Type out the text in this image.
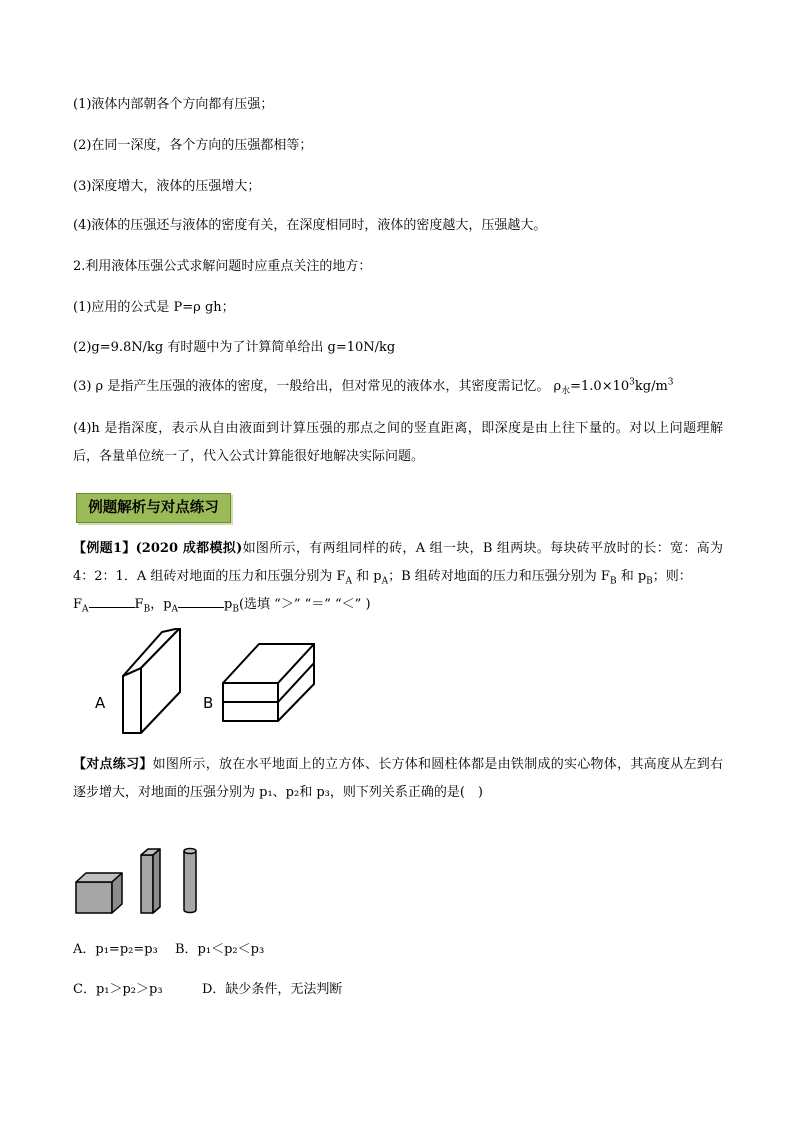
(1)液体内部朝各个方向都有压强；
(2)在同一深度，各个方向的压强都相等；
(3)深度增大，液体的压强增大；
(4)液体的压强还与液体的密度有关，在深度相同时，液体的密度越大，压强越大。
2.利用液体压强公式求解问题时应重点关注的地方：
(1)应用的公式是 P=ρ gh；
(2)g=9.8N/kg 有时题中为了计算简单给出 g=10N/kg
(3) ρ 是指产生压强的液体的密度，一般给出，但对常见的液体水，其密度需记忆。 $\rho_水=1.0\times 10^3kg/m^3$
(4)h 是指深度，表示从自由液面到计算压强的那点之间的竖直距离，即深度是由上往下量的。对以上问题理解后，各量单位统一了，代入公式计算能很好地解决实际问题。
例题解析与对点练习
【例题1】(2020 成都模拟)如图所示，有两组同样的砖，A 组一块，B 组两块。每块砖平放时的长：宽：高为 4：2：1．A 组砖对地面的压力和压强分别为 $F_A$ 和 $p_A$；B 组砖对地面的压力和压强分别为 $F_B$ 和 $p_B$；则：
$F_A$	$F_B$，$p_A$	$p_B$(选填 “＞” “＝” “＜” )
A	B
【对点练习】如图所示，放在水平地面上的立方体、长方体和圆柱体都是由铁制成的实心物体，其高度从左到右逐步增大，对地面的压强分别为 p₁、p₂和 p₃，则下列关系正确的是(　)
A．p₁=p₂=p₃ B．p₁＜p₂＜p₃
C．p₁＞p₂＞p₃	D．缺少条件，无法判断
